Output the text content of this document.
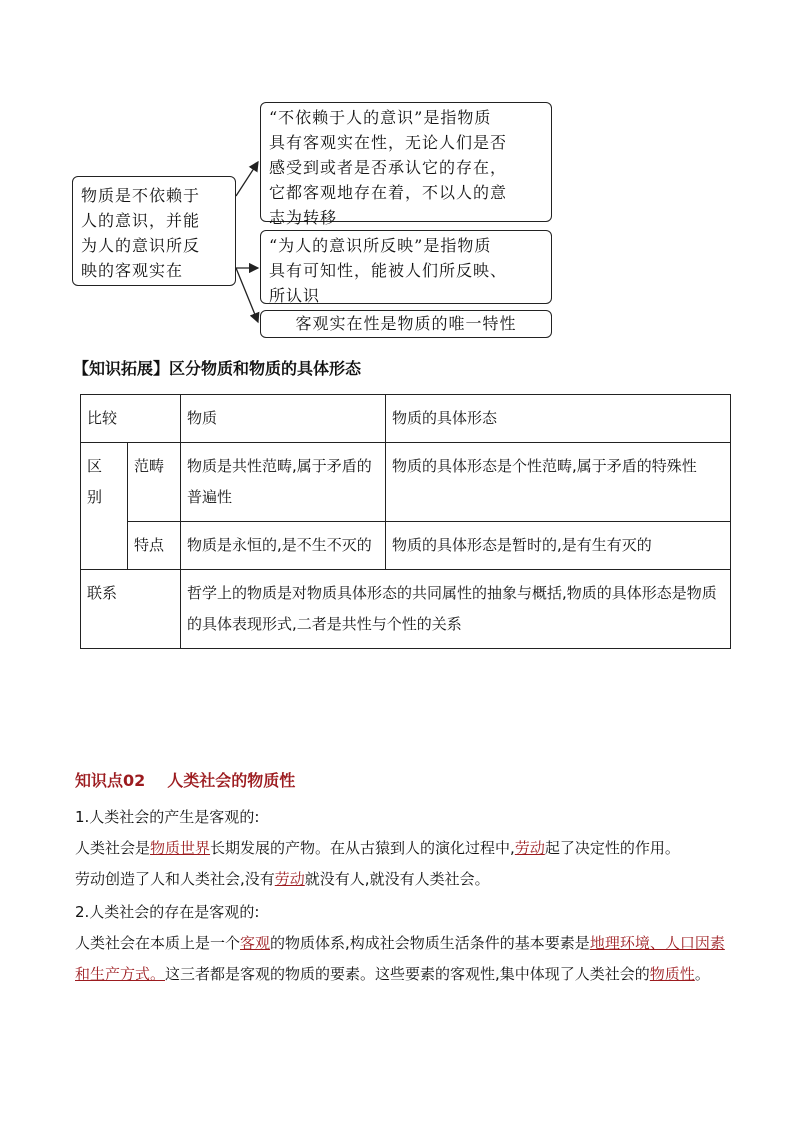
物质是不依赖于
人的意识，并能
为人的意识所反
映的客观实在
“不依赖于人的意识”是指物质
具有客观实在性，无论人们是否
感受到或者是否承认它的存在，
它都客观地存在着，不以人的意
志为转移
“为人的意识所反映”是指物质
具有可知性，能被人们所反映、
所认识
客观实在性是物质的唯一特性
【知识拓展】区分物质和物质的具体形态
比较		物质	物质的具体形态

区别	范畴	物质是共性范畴,属于矛盾的普遍性	物质的具体形态是个性范畴,属于矛盾的特殊性
	特点	物质是永恒的,是不生不灭的	物质的具体形态是暂时的,是有生有灭的
联系		哲学上的物质是对物质具体形态的共同属性的抽象与概括,物质的具体形态是物质的具体表现形式,二者是共性与个性的关系	
知识点02 人类社会的物质性
1.人类社会的产生是客观的:
人类社会是物质世界长期发展的产物。在从古猿到人的演化过程中,劳动起了决定性的作用。
劳动创造了人和人类社会,没有劳动就没有人,就没有人类社会。
2.人类社会的存在是客观的:
人类社会在本质上是一个客观的物质体系,构成社会物质生活条件的基本要素是地理环境、人口因素和生产方式。这三者都是客观的物质的要素。这些要素的客观性,集中体现了人类社会的物质性。
